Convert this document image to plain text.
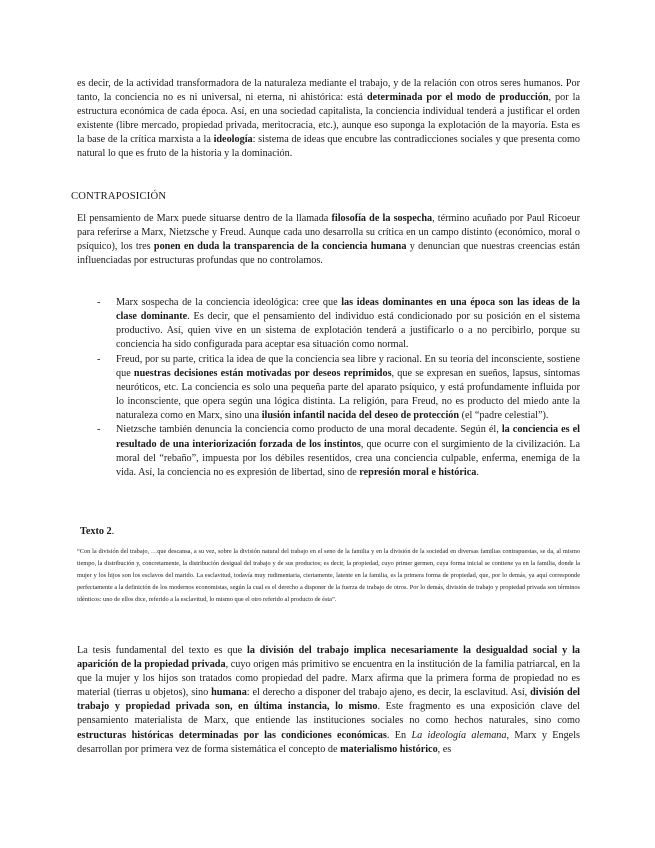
es decir, de la actividad transformadora de la naturaleza mediante el trabajo, y de la relación con otros seres humanos. Por tanto, la conciencia no es ni universal, ni eterna, ni ahistórica: está determinada por el modo de producción, por la estructura económica de cada época. Así, en una sociedad capitalista, la conciencia individual tenderá a justificar el orden existente (libre mercado, propiedad privada, meritocracia, etc.), aunque eso suponga la explotación de la mayoría. Esta es la base de la crítica marxista a la ideología: sistema de ideas que encubre las contradicciones sociales y que presenta como natural lo que es fruto de la historia y la dominación.

CONTRAPOSICIÓN

El pensamiento de Marx puede situarse dentro de la llamada filosofía de la sospecha, término acuñado por Paul Ricoeur para referirse a Marx, Nietzsche y Freud. Aunque cada uno desarrolla su crítica en un campo distinto (económico, moral o psíquico), los tres ponen en duda la transparencia de la conciencia humana y denuncian que nuestras creencias están influenciadas por estructuras profundas que no controlamos.

- Marx sospecha de la conciencia ideológica: cree que las ideas dominantes en una época son las ideas de la clase dominante. Es decir, que el pensamiento del individuo está condicionado por su posición en el sistema productivo. Así, quien vive en un sistema de explotación tenderá a justificarlo o a no percibirlo, porque su conciencia ha sido configurada para aceptar esa situación como normal.
- Freud, por su parte, critica la idea de que la conciencia sea libre y racional. En su teoría del inconsciente, sostiene que nuestras decisiones están motivadas por deseos reprimidos, que se expresan en sueños, lapsus, síntomas neuróticos, etc. La conciencia es solo una pequeña parte del aparato psíquico, y está profundamente influida por lo inconsciente, que opera según una lógica distinta. La religión, para Freud, no es producto del miedo ante la naturaleza como en Marx, sino una ilusión infantil nacida del deseo de protección (el “padre celestial”).
- Nietzsche también denuncia la conciencia como producto de una moral decadente. Según él, la conciencia es el resultado de una interiorización forzada de los instintos, que ocurre con el surgimiento de la civilización. La moral del “rebaño”, impuesta por los débiles resentidos, crea una conciencia culpable, enferma, enemiga de la vida. Así, la conciencia no es expresión de libertad, sino de represión moral e histórica.

Texto 2.

“Con la división del trabajo, …que descansa, a su vez, sobre la división natural del trabajo en el seno de la familia y en la división de la sociedad en diversas familias contrapuestas, se da, al mismo tiempo, la distribución y, concretamente, la distribución desigual del trabajo y de sus productos; es decir, la propiedad, cuyo primer germen, cuya forma inicial se contiene ya en la familia, donde la mujer y los hijos son los esclavos del marido. La esclavitud, todavía muy rudimentaria, ciertamente, latente en la familia, es la primera forma de propiedad, que, por lo demás, ya aquí corresponde perfectamente a la definición de los modernos economistas, según la cual es el derecho a disponer de la fuerza de trabajo de otros. Por lo demás, división de trabajo y propiedad privada son términos idénticos: uno de ellos dice, referido a la esclavitud, lo mismo que el otro referido al producto de ésta”.

La tesis fundamental del texto es que la división del trabajo implica necesariamente la desigualdad social y la aparición de la propiedad privada, cuyo origen más primitivo se encuentra en la institución de la familia patriarcal, en la que la mujer y los hijos son tratados como propiedad del padre. Marx afirma que la primera forma de propiedad no es material (tierras u objetos), sino humana: el derecho a disponer del trabajo ajeno, es decir, la esclavitud. Así, división del trabajo y propiedad privada son, en última instancia, lo mismo. Este fragmento es una exposición clave del pensamiento materialista de Marx, que entiende las instituciones sociales no como hechos naturales, sino como estructuras históricas determinadas por las condiciones económicas. En La ideología alemana, Marx y Engels desarrollan por primera vez de forma sistemática el concepto de materialismo histórico, es
